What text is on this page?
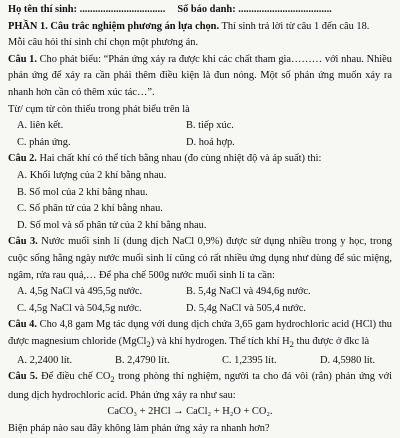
Họ tên thí sinh: ................................. Số báo danh: ....................................
PHẦN 1. Câu trắc nghiệm phương án lựa chọn. Thí sinh trả lời từ câu 1 đến câu 18.
Mỗi câu hỏi thí sinh chỉ chọn một phương án.
Câu 1. Cho phát biểu: “Phản ứng xảy ra được khi các chất tham gia……… với nhau. Nhiều phản ứng để xảy ra cần phải thêm điều kiện là đun nóng. Một số phản ứng muốn xảy ra nhanh hơn cần có thêm xúc tác…”.
Từ/ cụm từ còn thiếu trong phát biểu trên là
A. liên kết.	B. tiếp xúc.
C. phản ứng.	D. hoá hợp.
Câu 2. Hai chất khí có thể tích bằng nhau (đo cùng nhiệt độ và áp suất) thì:
A. Khối lượng của 2 khí bằng nhau.
B. Số mol của 2 khí bằng nhau.
C. Số phân tử của 2 khí bằng nhau.
D. Số mol và số phân tử của 2 khí bằng nhau.
Câu 3. Nước muối sinh lí (dung dịch NaCl 0,9%) được sử dụng nhiều trong y học, trong cuộc sống hằng ngày nước muối sinh lí cũng có rất nhiều ứng dụng như dùng để súc miệng, ngâm, rửa rau quả,… Để pha chế 500g nước muối sinh lí ta cần:
A. 4,5g NaCl và 495,5g nước.	B. 5,4g NaCl và 494,6g nước.
C. 4,5g NaCl và 504,5g nước.	D. 5,4g NaCl và 505,4 nước.
Câu 4. Cho 4,8 gam Mg tác dụng với dung dịch chứa 3,65 gam hydrochloric acid (HCl) thu được magnesium chloride (MgCl$_2$) và khí hydrogen. Thể tích khí $H_2$ thu được ở đkc là
A. 2,2400 lít.	B. 2,4790 lít.	C. 1,2395 lít.	D. 4,5980 lít.
Câu 5. Để điều chế $CO_2$ trong phòng thí nghiệm, người ta cho đá vôi (rắn) phản ứng với dung dịch hydrochloric acid. Phản ứng xảy ra như sau:
CaCO₃ + 2HCl → CaCl₂ + H₂O + CO₂.
Biện pháp nào sau đây không làm phản ứng xảy ra nhanh hơn?
